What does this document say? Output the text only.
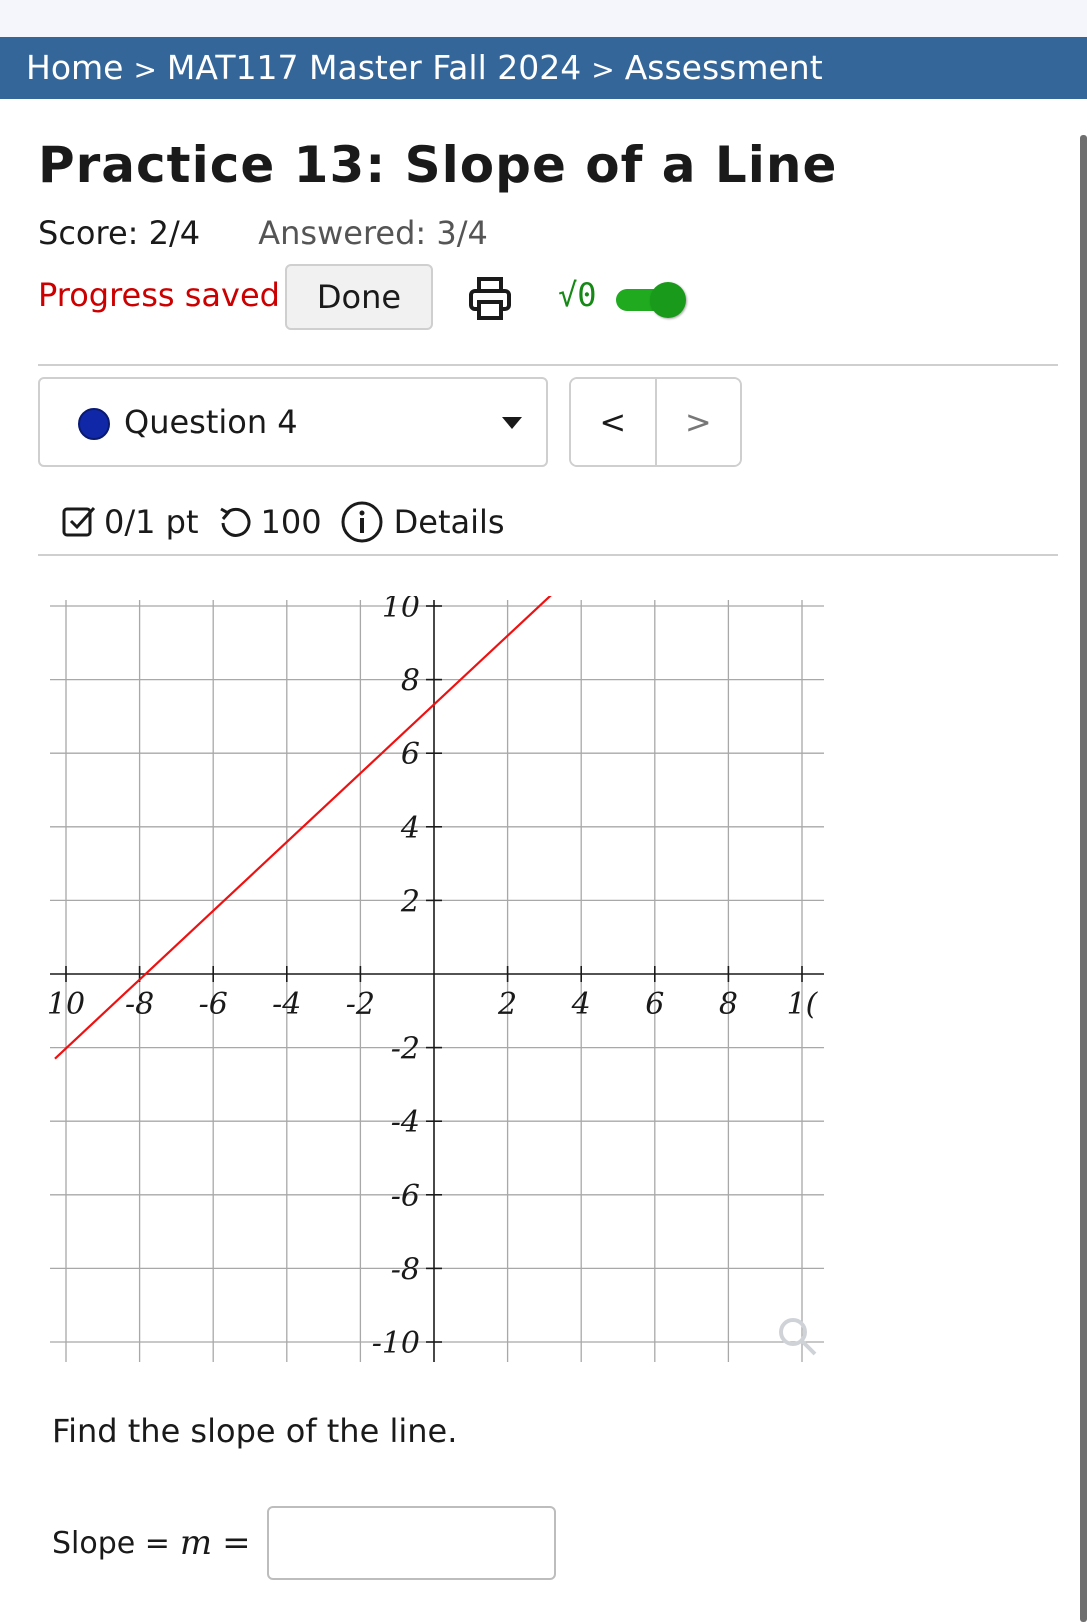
Home > MAT117 Master Fall 2024 > Assessment
Practice 13: Slope of a Line
Score: 2/4 Answered: 3/4
Progress saved	Done	√0
Question 4	<	>
0/1 pt 100 Details
10 -8 -6 -4 -2	2 4 6 8 1(
10
8
6
4
2
-2
-4
-6
-8
-10
Find the slope of the line.
Slope = m =
